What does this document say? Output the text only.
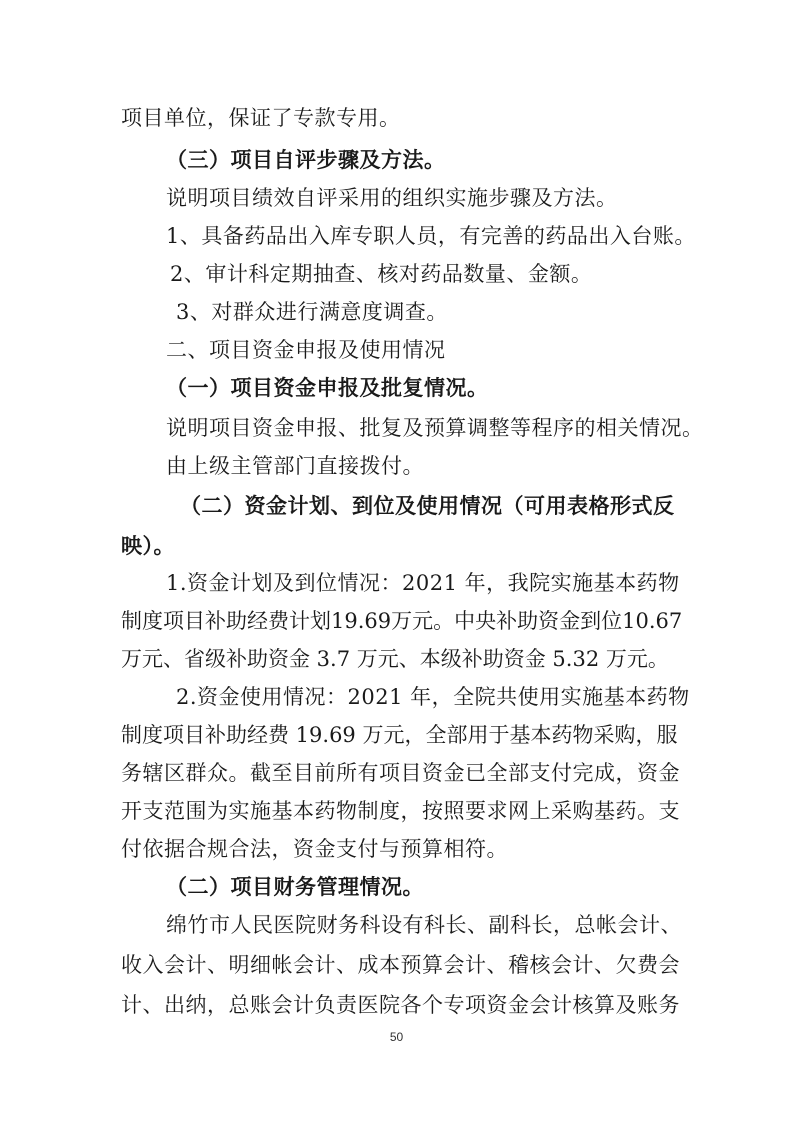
项目单位，保证了专款专用。
（三）项目自评步骤及方法。
说明项目绩效自评采用的组织实施步骤及方法。
1、具备药品出入库专职人员，有完善的药品出入台账。
2、审计科定期抽查、核对药品数量、金额。
3、对群众进行满意度调查。
二、项目资金申报及使用情况
（一）项目资金申报及批复情况。
说明项目资金申报、批复及预算调整等程序的相关情况。
由上级主管部门直接拨付。
（二）资金计划、到位及使用情况（可用表格形式反
映）。
1.资金计划及到位情况：2021 年，我院实施基本药物
制度项目补助经费计划19.69万元。中央补助资金到位10.67
万元、省级补助资金 3.7 万元、本级补助资金 5.32 万元。
2.资金使用情况：2021 年，全院共使用实施基本药物
制度项目补助经费 19.69 万元，全部用于基本药物采购，服
务辖区群众。截至目前所有项目资金已全部支付完成，资金
开支范围为实施基本药物制度，按照要求网上采购基药。支
付依据合规合法，资金支付与预算相符。
（二）项目财务管理情况。
绵竹市人民医院财务科设有科长、副科长，总帐会计、
收入会计、明细帐会计、成本预算会计、稽核会计、欠费会
计、出纳，总账会计负责医院各个专项资金会计核算及账务
50
